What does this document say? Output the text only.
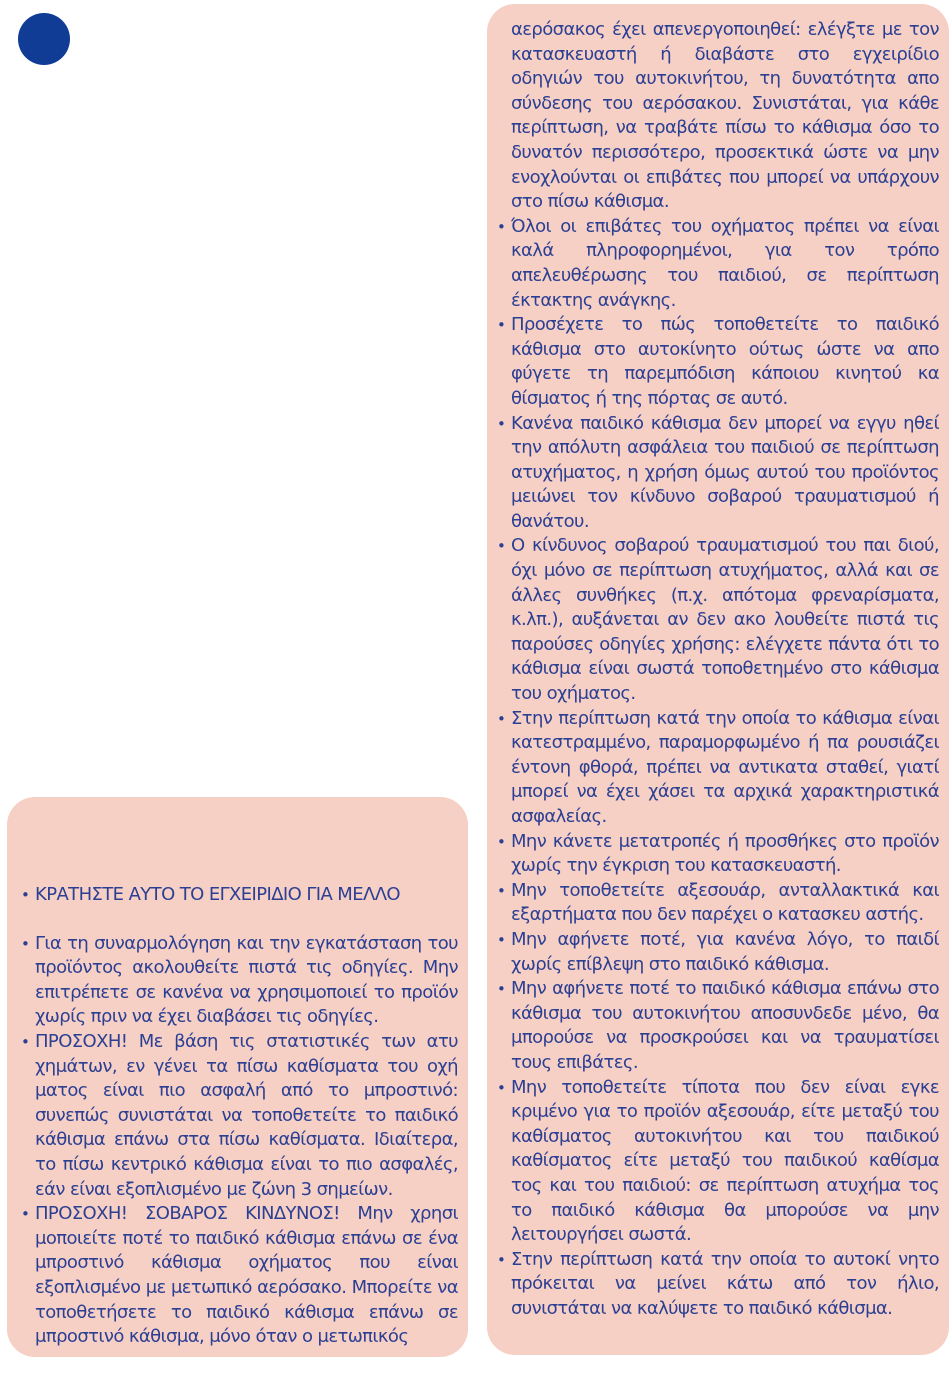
• ΚΡΑΤΗΣΤΕ ΑΥΤΟ ΤΟ ΕΓΧΕΙΡΙΔΙΟ ΓΙΑ ΜΕΛΛΟ
• Για τη συναρμολόγηση και την εγκατάσταση του προϊόντος ακολουθείτε πιστά τις οδηγίες. Μην επιτρέπετε σε κανένα να χρησιμοποιεί το προϊόν χωρίς πριν να έχει διαβάσει τις οδηγίες.
• ΠΡΟΣΟΧΗ! Με βάση τις στατιστικές των ατυ χημάτων, εν γένει τα πίσω καθίσματα του οχή ματος είναι πιο ασφαλή από το μπροστινό: συνεπώς συνιστάται να τοποθετείτε το παιδικό κάθισμα επάνω στα πίσω καθίσματα. Ιδιαίτερα, το πίσω κεντρικό κάθισμα είναι το πιο ασφαλές, εάν είναι εξοπλισμένο με ζώνη 3 σημείων.
• ΠΡΟΣΟΧΗ! ΣΟΒΑΡΟΣ ΚΙΝΔΥΝΟΣ! Μην χρησι μοποιείτε ποτέ το παιδικό κάθισμα επάνω σε ένα μπροστινό κάθισμα οχήματος που είναι εξοπλισμένο με μετωπικό αερόσακο. Μπορείτε να τοποθετήσετε το παιδικό κάθισμα επάνω σε μπροστινό κάθισμα, μόνο όταν ο μετωπικός
αερόσακος έχει απενεργοποιηθεί: ελέγξτε με τον κατασκευαστή ή διαβάστε στο εγχειρίδιο οδηγιών του αυτοκινήτου, τη δυνατότητα απο σύνδεσης του αερόσακου. Συνιστάται, για κάθε περίπτωση, να τραβάτε πίσω το κάθισμα όσο το δυνατόν περισσότερο, προσεκτικά ώστε να μην ενοχλούνται οι επιβάτες που μπορεί να υπάρχουν στο πίσω κάθισμα.
• Όλοι οι επιβάτες του οχήματος πρέπει να είναι καλά πληροφορημένοι, για τον τρόπο απελευθέρωσης του παιδιού, σε περίπτωση έκτακτης ανάγκης.
• Προσέχετε το πώς τοποθετείτε το παιδικό κάθισμα στο αυτοκίνητο ούτως ώστε να απο φύγετε τη παρεμπόδιση κάποιου κινητού κα θίσματος ή της πόρτας σε αυτό.
• Κανένα παιδικό κάθισμα δεν μπορεί να εγγυ ηθεί την απόλυτη ασφάλεια του παιδιού σε περίπτωση ατυχήματος, η χρήση όμως αυτού του προϊόντος μειώνει τον κίνδυνο σοβαρού τραυματισμού ή θανάτου.
• Ο κίνδυνος σοβαρού τραυματισμού του παι διού, όχι μόνο σε περίπτωση ατυχήματος, αλλά και σε άλλες συνθήκες (π.χ. απότομα φρεναρίσματα, κ.λπ.), αυξάνεται αν δεν ακο λουθείτε πιστά τις παρούσες οδηγίες χρήσης: ελέγχετε πάντα ότι το κάθισμα είναι σωστά τοποθετημένο στο κάθισμα του οχήματος.
• Στην περίπτωση κατά την οποία το κάθισμα είναι κατεστραμμένο, παραμορφωμένο ή πα ρουσιάζει έντονη φθορά, πρέπει να αντικατα σταθεί, γιατί μπορεί να έχει χάσει τα αρχικά χαρακτηριστικά ασφαλείας.
• Μην κάνετε μετατροπές ή προσθήκες στο προϊόν χωρίς την έγκριση του κατασκευαστή.
• Μην τοποθετείτε αξεσουάρ, ανταλλακτικά και εξαρτήματα που δεν παρέχει ο κατασκευ αστής.
• Μην αφήνετε ποτέ, για κανένα λόγο, το παιδί χωρίς επίβλεψη στο παιδικό κάθισμα.
• Μην αφήνετε ποτέ το παιδικό κάθισμα επάνω στο κάθισμα του αυτοκινήτου αποσυνδεδε μένο, θα μπορούσε να προσκρούσει και να τραυματίσει τους επιβάτες.
• Μην τοποθετείτε τίποτα που δεν είναι εγκε κριμένο για το προϊόν αξεσουάρ, είτε μεταξύ του καθίσματος αυτοκινήτου και του παιδικού καθίσματος είτε μεταξύ του παιδικού καθίσμα τος και του παιδιού: σε περίπτωση ατυχήμα τος το παιδικό κάθισμα θα μπορούσε να μην λειτουργήσει σωστά.
• Στην περίπτωση κατά την οποία το αυτοκί νητο πρόκειται να μείνει κάτω από τον ήλιο, συνιστάται να καλύψετε το παιδικό κάθισμα.
